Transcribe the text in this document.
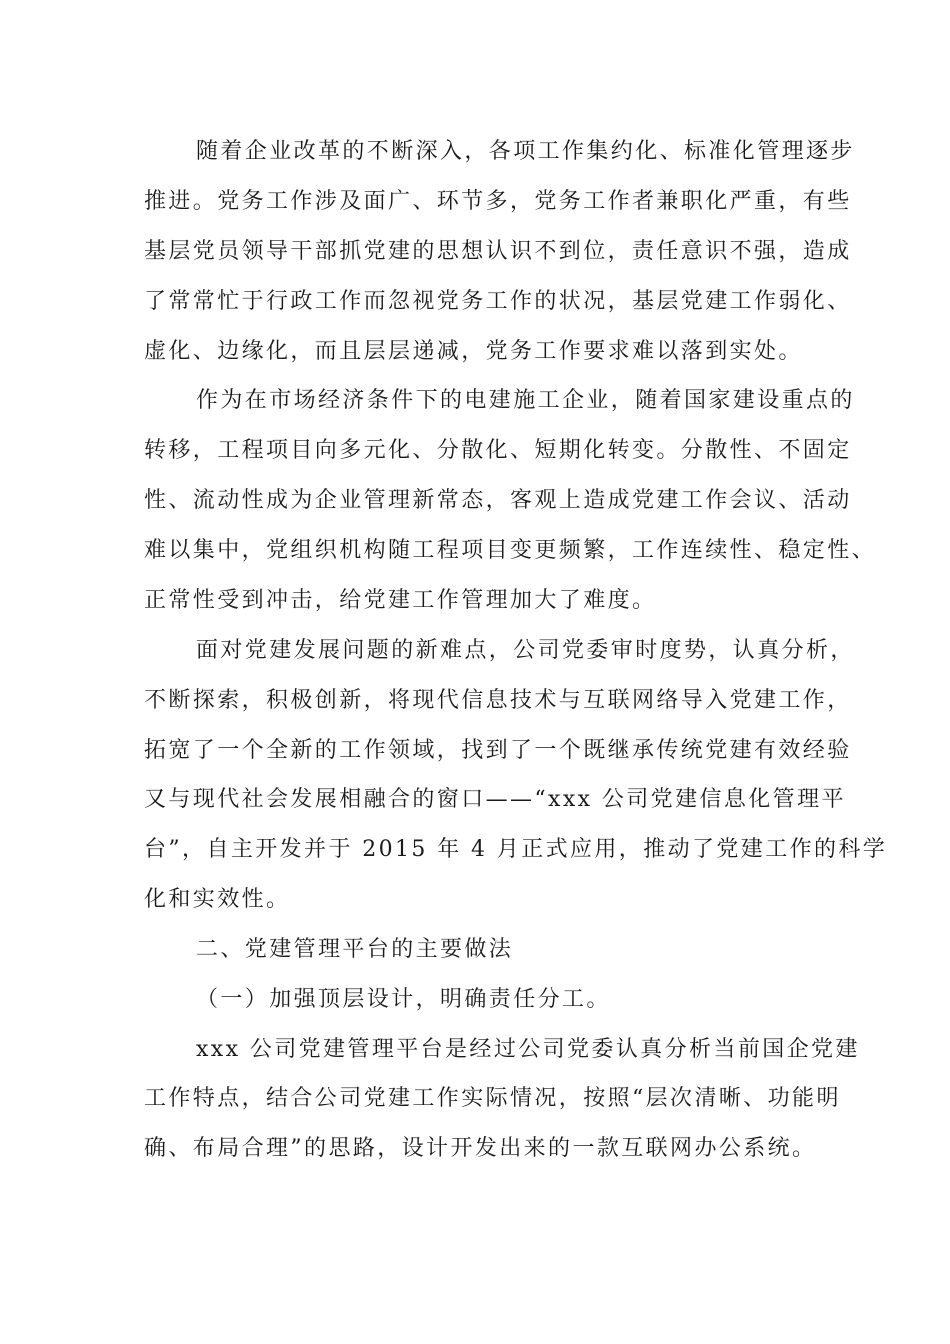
随着企业改革的不断深入，各项工作集约化、标准化管理逐步
推进。党务工作涉及面广、环节多，党务工作者兼职化严重，有些
基层党员领导干部抓党建的思想认识不到位，责任意识不强，造成
了常常忙于行政工作而忽视党务工作的状况，基层党建工作弱化、
虚化、边缘化，而且层层递减，党务工作要求难以落到实处。
作为在市场经济条件下的电建施工企业，随着国家建设重点的
转移，工程项目向多元化、分散化、短期化转变。分散性、不固定
性、流动性成为企业管理新常态，客观上造成党建工作会议、活动
难以集中，党组织机构随工程项目变更频繁，工作连续性、稳定性、
正常性受到冲击，给党建工作管理加大了难度。
面对党建发展问题的新难点，公司党委审时度势，认真分析，
不断探索，积极创新，将现代信息技术与互联网络导入党建工作，
拓宽了一个全新的工作领域，找到了一个既继承传统党建有效经验
又与现代社会发展相融合的窗口——“xxx 公司党建信息化管理平
台”，自主开发并于 2015 年 4 月正式应用，推动了党建工作的科学
化和实效性。
二、党建管理平台的主要做法
（一）加强顶层设计，明确责任分工。
xxx 公司党建管理平台是经过公司党委认真分析当前国企党建
工作特点，结合公司党建工作实际情况，按照“层次清晰、功能明
确、布局合理”的思路，设计开发出来的一款互联网办公系统。
